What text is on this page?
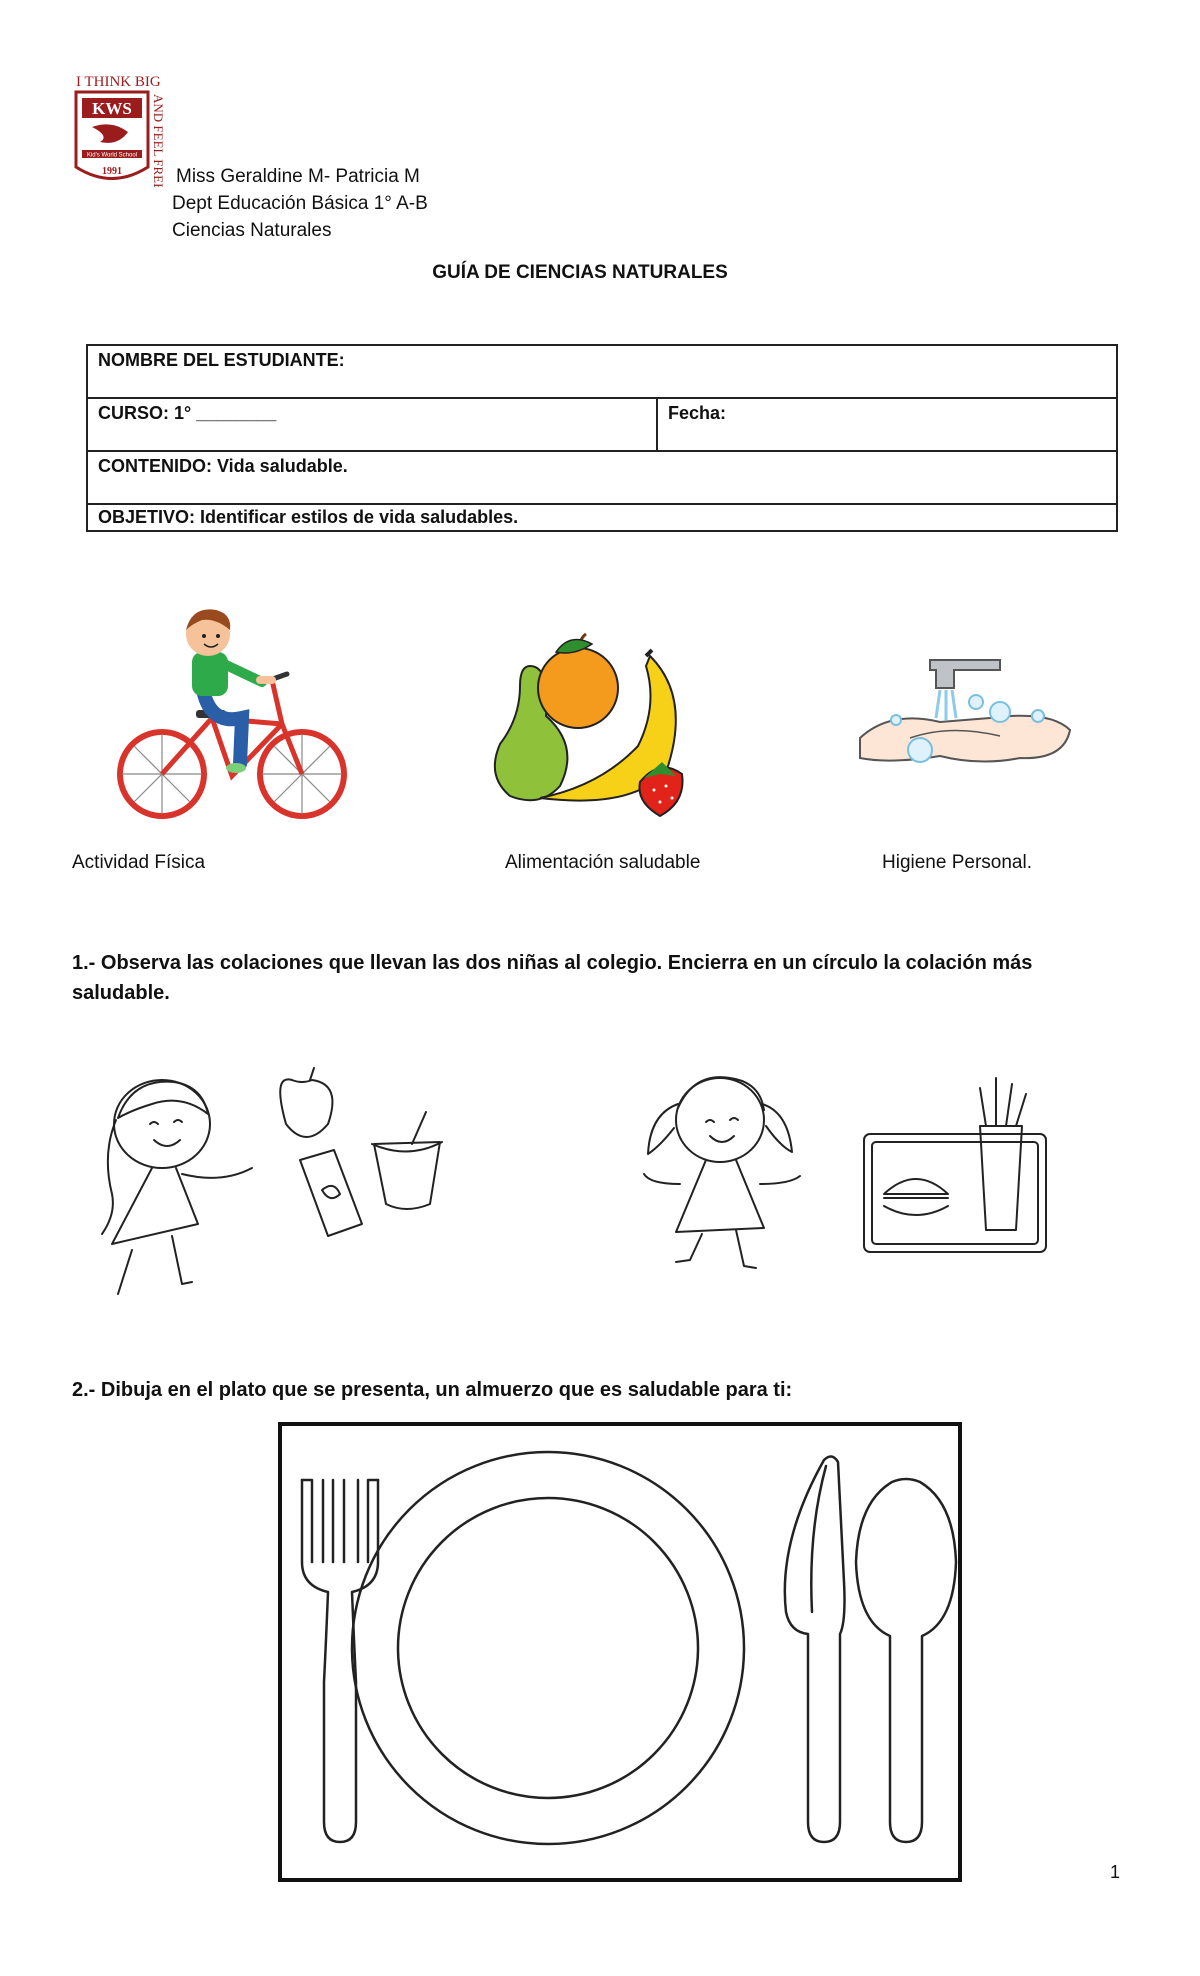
I THINK BIG
KWS
Kid's World School
1991 AND FEEL FREE Miss Geraldine M- Patricia M
Dept Educación Básica 1° A-B
Ciencias Naturales
GUÍA DE CIENCIAS NATURALES
NOMBRE DEL ESTUDIANTE:
CURSO: 1° ________	Fecha:
CONTENIDO: Vida saludable.
OBJETIVO: Identificar estilos de vida saludables.
Actividad Física	Alimentación saludable	Higiene Personal.
1.- Observa las colaciones que llevan las dos niñas al colegio. Encierra en un círculo la colación más saludable.
2.- Dibuja en el plato que se presenta, un almuerzo que es saludable para ti:
1
